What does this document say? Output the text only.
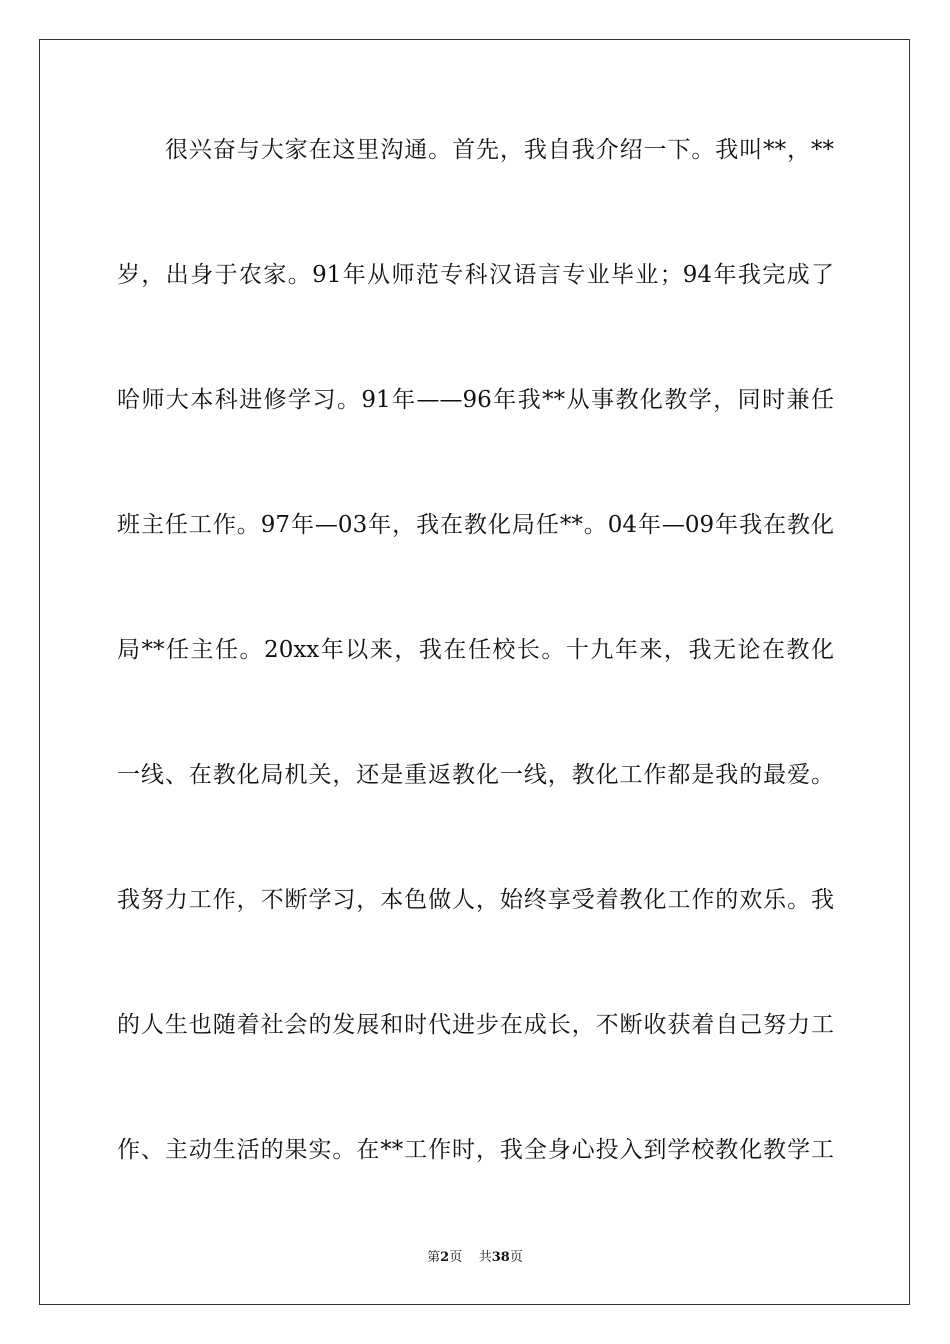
很兴奋与大家在这里沟通。首先，我自我介绍一下。我叫**，**
岁，出身于农家。91年从师范专科汉语言专业毕业；94年我完成了
哈师大本科进修学习。91年——96年我**从事教化教学，同时兼任
班主任工作。97年—03年，我在教化局任**。04年—09年我在教化
局**任主任。20xx年以来，我在任校长。十九年来，我无论在教化
一线、在教化局机关，还是重返教化一线，教化工作都是我的最爱。
我努力工作，不断学习，本色做人，始终享受着教化工作的欢乐。我
的人生也随着社会的发展和时代进步在成长，不断收获着自己努力工
作、主动生活的果实。在**工作时，我全身心投入到学校教化教学工
第2页 共38页
